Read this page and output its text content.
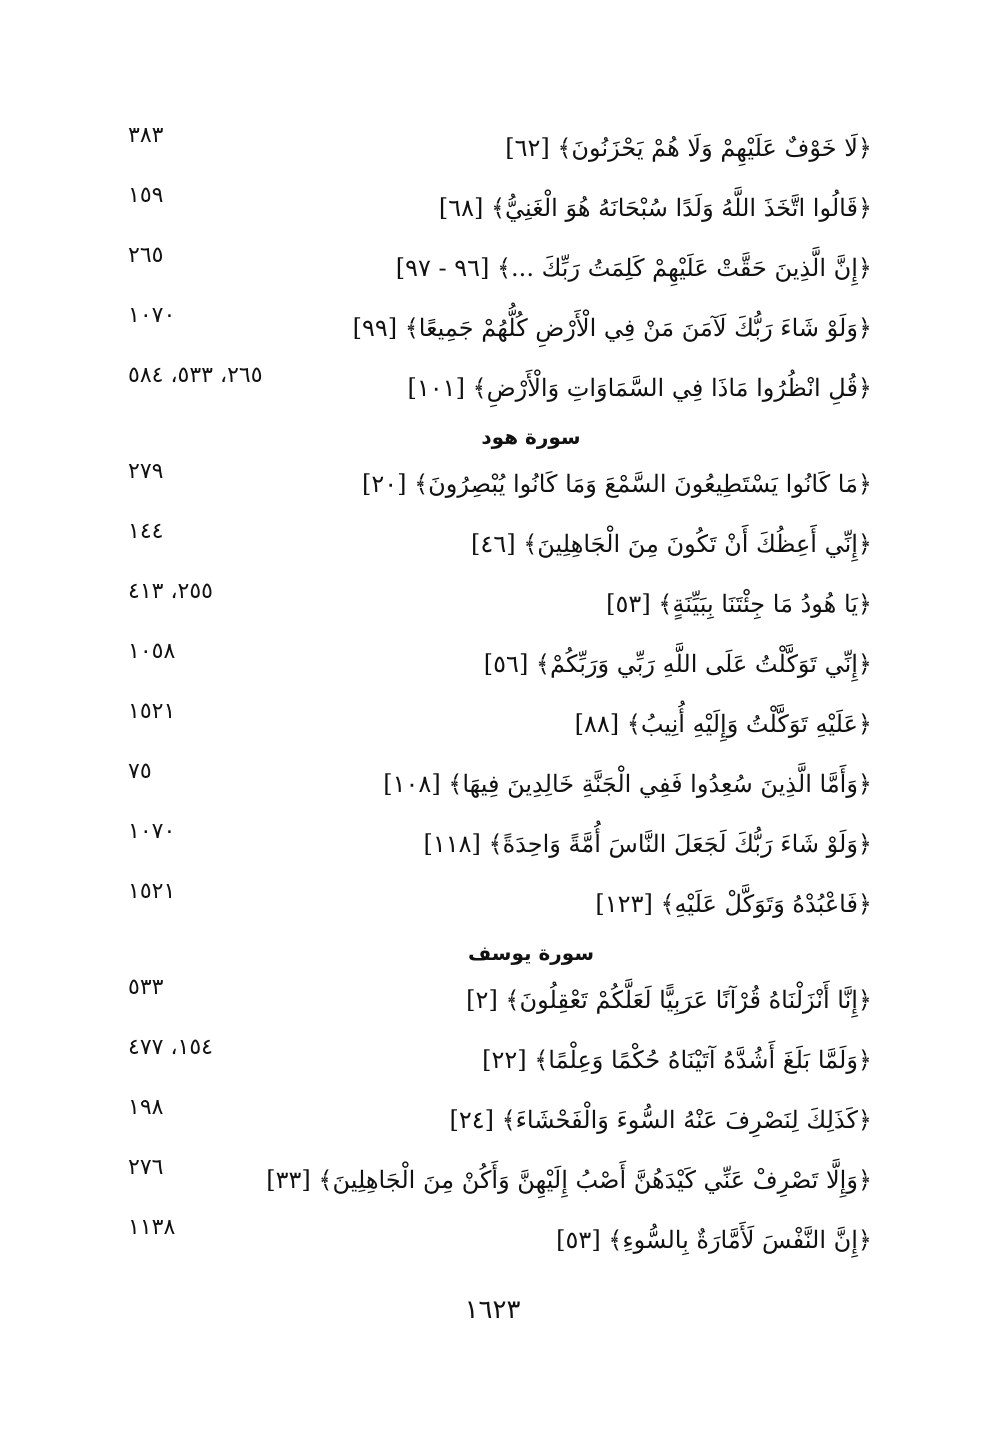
﴿لَا خَوْفٌ عَلَيْهِمْ وَلَا هُمْ يَحْزَنُونَ﴾ [٦٢]
٣٨٣
﴿قَالُوا اتَّخَذَ اللَّهُ وَلَدًا سُبْحَانَهُ هُوَ الْغَنِيُّ﴾ [٦٨]
١٥٩
﴿إِنَّ الَّذِينَ حَقَّتْ عَلَيْهِمْ كَلِمَتُ رَبِّكَ ...﴾ [٩٦ - ٩٧]
٢٦٥
﴿وَلَوْ شَاءَ رَبُّكَ لَآمَنَ مَنْ فِي الْأَرْضِ كُلُّهُمْ جَمِيعًا﴾ [٩٩]
١٠٧٠
﴿قُلِ انْظُرُوا مَاذَا فِي السَّمَاوَاتِ وَالْأَرْضِ﴾ [١٠١]
٢٦٥، ٥٣٣، ٥٨٤
سورة هود
﴿مَا كَانُوا يَسْتَطِيعُونَ السَّمْعَ وَمَا كَانُوا يُبْصِرُونَ﴾ [٢٠]
٢٧٩
﴿إِنِّي أَعِظُكَ أَنْ تَكُونَ مِنَ الْجَاهِلِينَ﴾ [٤٦]
١٤٤
﴿يَا هُودُ مَا جِئْتَنَا بِبَيِّنَةٍ﴾ [٥٣]
٢٥٥، ٤١٣
﴿إِنِّي تَوَكَّلْتُ عَلَى اللَّهِ رَبِّي وَرَبِّكُمْ﴾ [٥٦]
١٠٥٨
﴿عَلَيْهِ تَوَكَّلْتُ وَإِلَيْهِ أُنِيبُ﴾ [٨٨]
١٥٢١
﴿وَأَمَّا الَّذِينَ سُعِدُوا فَفِي الْجَنَّةِ خَالِدِينَ فِيهَا﴾ [١٠٨]
٧٥
﴿وَلَوْ شَاءَ رَبُّكَ لَجَعَلَ النَّاسَ أُمَّةً وَاحِدَةً﴾ [١١٨]
١٠٧٠
﴿فَاعْبُدْهُ وَتَوَكَّلْ عَلَيْهِ﴾ [١٢٣]
١٥٢١
سورة يوسف
﴿إِنَّا أَنْزَلْنَاهُ قُرْآنًا عَرَبِيًّا لَعَلَّكُمْ تَعْقِلُونَ﴾ [٢]
٥٣٣
﴿وَلَمَّا بَلَغَ أَشُدَّهُ آتَيْنَاهُ حُكْمًا وَعِلْمًا﴾ [٢٢]
١٥٤، ٤٧٧
﴿كَذَلِكَ لِنَصْرِفَ عَنْهُ السُّوءَ وَالْفَحْشَاءَ﴾ [٢٤]
١٩٨
﴿وَإِلَّا تَصْرِفْ عَنِّي كَيْدَهُنَّ أَصْبُ إِلَيْهِنَّ وَأَكُنْ مِنَ الْجَاهِلِينَ﴾ [٣٣]
٢٧٦
﴿إِنَّ النَّفْسَ لَأَمَّارَةٌ بِالسُّوءِ﴾ [٥٣]
١١٣٨
١٦٢٣
